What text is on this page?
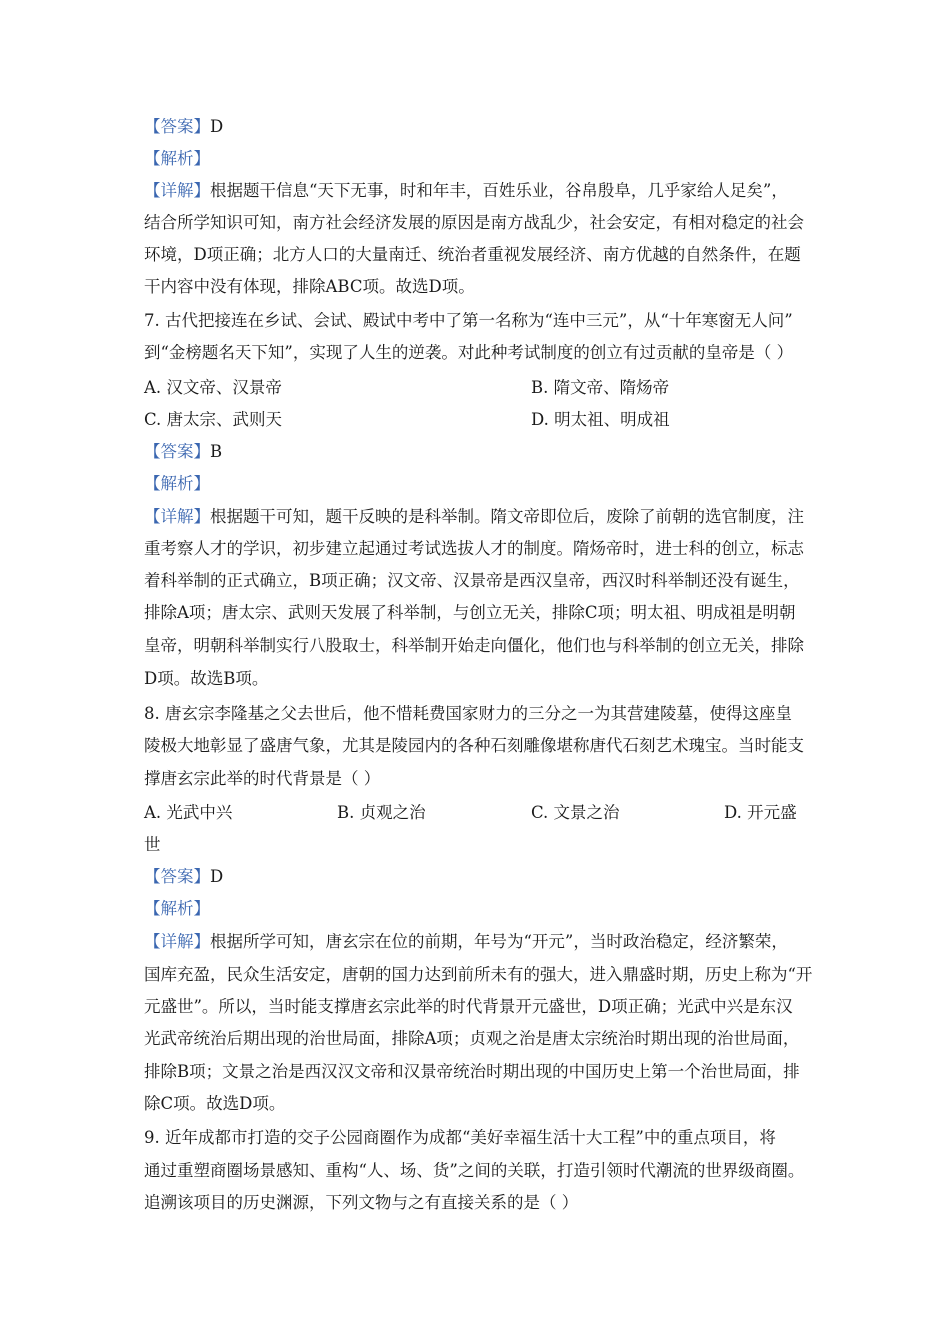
【答案】D
【解析】
【详解】根据题干信息“天下无事，时和年丰，百姓乐业，谷帛殷阜，几乎家给人足矣”，
结合所学知识可知，南方社会经济发展的原因是南方战乱少，社会安定，有相对稳定的社会
环境，D项正确；北方人口的大量南迁、统治者重视发展经济、南方优越的自然条件，在题
干内容中没有体现，排除ABC项。故选D项。
7. 古代把接连在乡试、会试、殿试中考中了第一名称为“连中三元”，从“十年寒窗无人问”
到“金榜题名天下知”，实现了人生的逆袭。对此种考试制度的创立有过贡献的皇帝是（ ）
A. 汉文帝、汉景帝	B. 隋文帝、隋炀帝
C. 唐太宗、武则天	D. 明太祖、明成祖
【答案】B
【解析】
【详解】根据题干可知，题干反映的是科举制。隋文帝即位后，废除了前朝的选官制度，注
重考察人才的学识，初步建立起通过考试选拔人才的制度。隋炀帝时，进士科的创立，标志
着科举制的正式确立，B项正确；汉文帝、汉景帝是西汉皇帝，西汉时科举制还没有诞生，
排除A项；唐太宗、武则天发展了科举制，与创立无关，排除C项；明太祖、明成祖是明朝
皇帝，明朝科举制实行八股取士，科举制开始走向僵化，他们也与科举制的创立无关，排除
D项。故选B项。
8. 唐玄宗李隆基之父去世后，他不惜耗费国家财力的三分之一为其营建陵墓，使得这座皇
陵极大地彰显了盛唐气象，尤其是陵园内的各种石刻雕像堪称唐代石刻艺术瑰宝。当时能支
撑唐玄宗此举的时代背景是（ ）
A. 光武中兴	B. 贞观之治	C. 文景之治	D. 开元盛
世
【答案】D
【解析】
【详解】根据所学可知，唐玄宗在位的前期，年号为“开元”，当时政治稳定，经济繁荣，
国库充盈，民众生活安定，唐朝的国力达到前所未有的强大，进入鼎盛时期，历史上称为“开
元盛世”。所以，当时能支撑唐玄宗此举的时代背景开元盛世，D项正确；光武中兴是东汉
光武帝统治后期出现的治世局面，排除A项；贞观之治是唐太宗统治时期出现的治世局面，
排除B项；文景之治是西汉汉文帝和汉景帝统治时期出现的中国历史上第一个治世局面，排
除C项。故选D项。
9. 近年成都市打造的交子公园商圈作为成都“美好幸福生活十大工程”中的重点项目，将
通过重塑商圈场景感知、重构“人、场、货”之间的关联，打造引领时代潮流的世界级商圈。
追溯该项目的历史渊源，下列文物与之有直接关系的是（ ）
